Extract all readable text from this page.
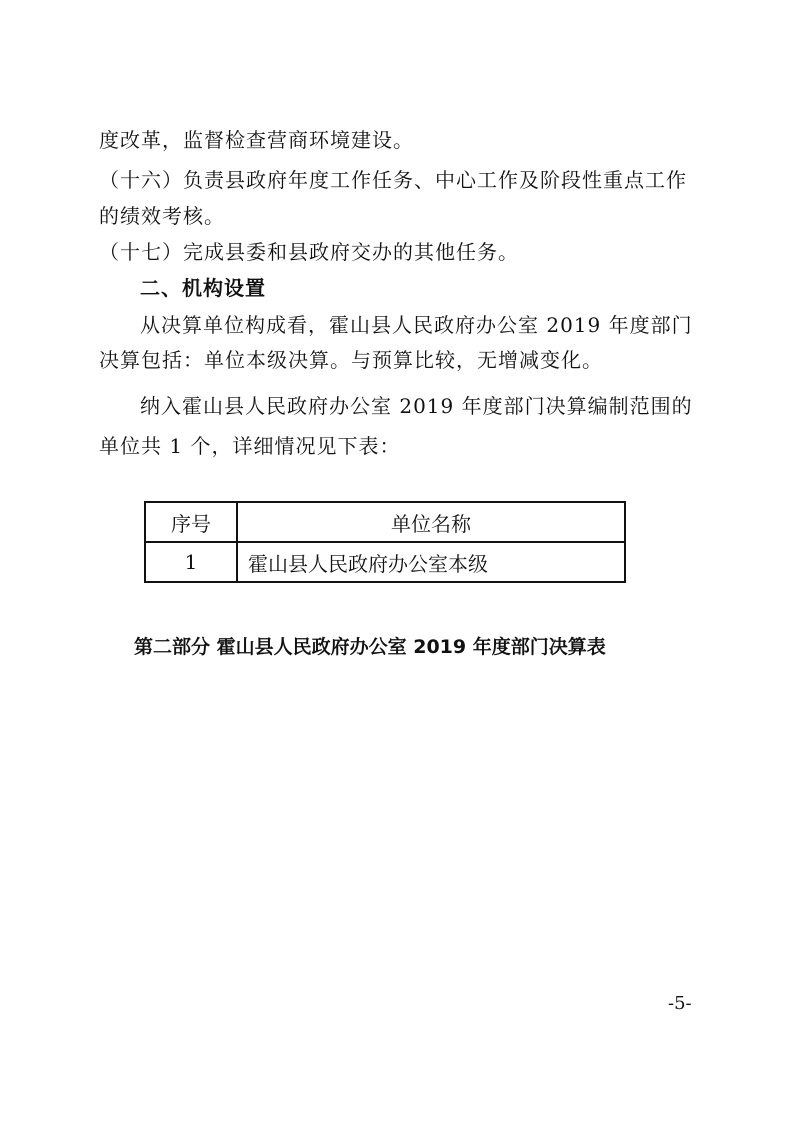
度改革，监督检查营商环境建设。
（十六）负责县政府年度工作任务、中心工作及阶段性重点工作
的绩效考核。
（十七）完成县委和县政府交办的其他任务。
二、机构设置
从决算单位构成看，霍山县人民政府办公室 2019 年度部门
决算包括：单位本级决算。与预算比较，无增减变化。
纳入霍山县人民政府办公室 2019 年度部门决算编制范围的
单位共 1 个，详细情况见下表：
序号	单位名称
1	霍山县人民政府办公室本级
第二部分 霍山县人民政府办公室 2019 年度部门决算表
-5-
